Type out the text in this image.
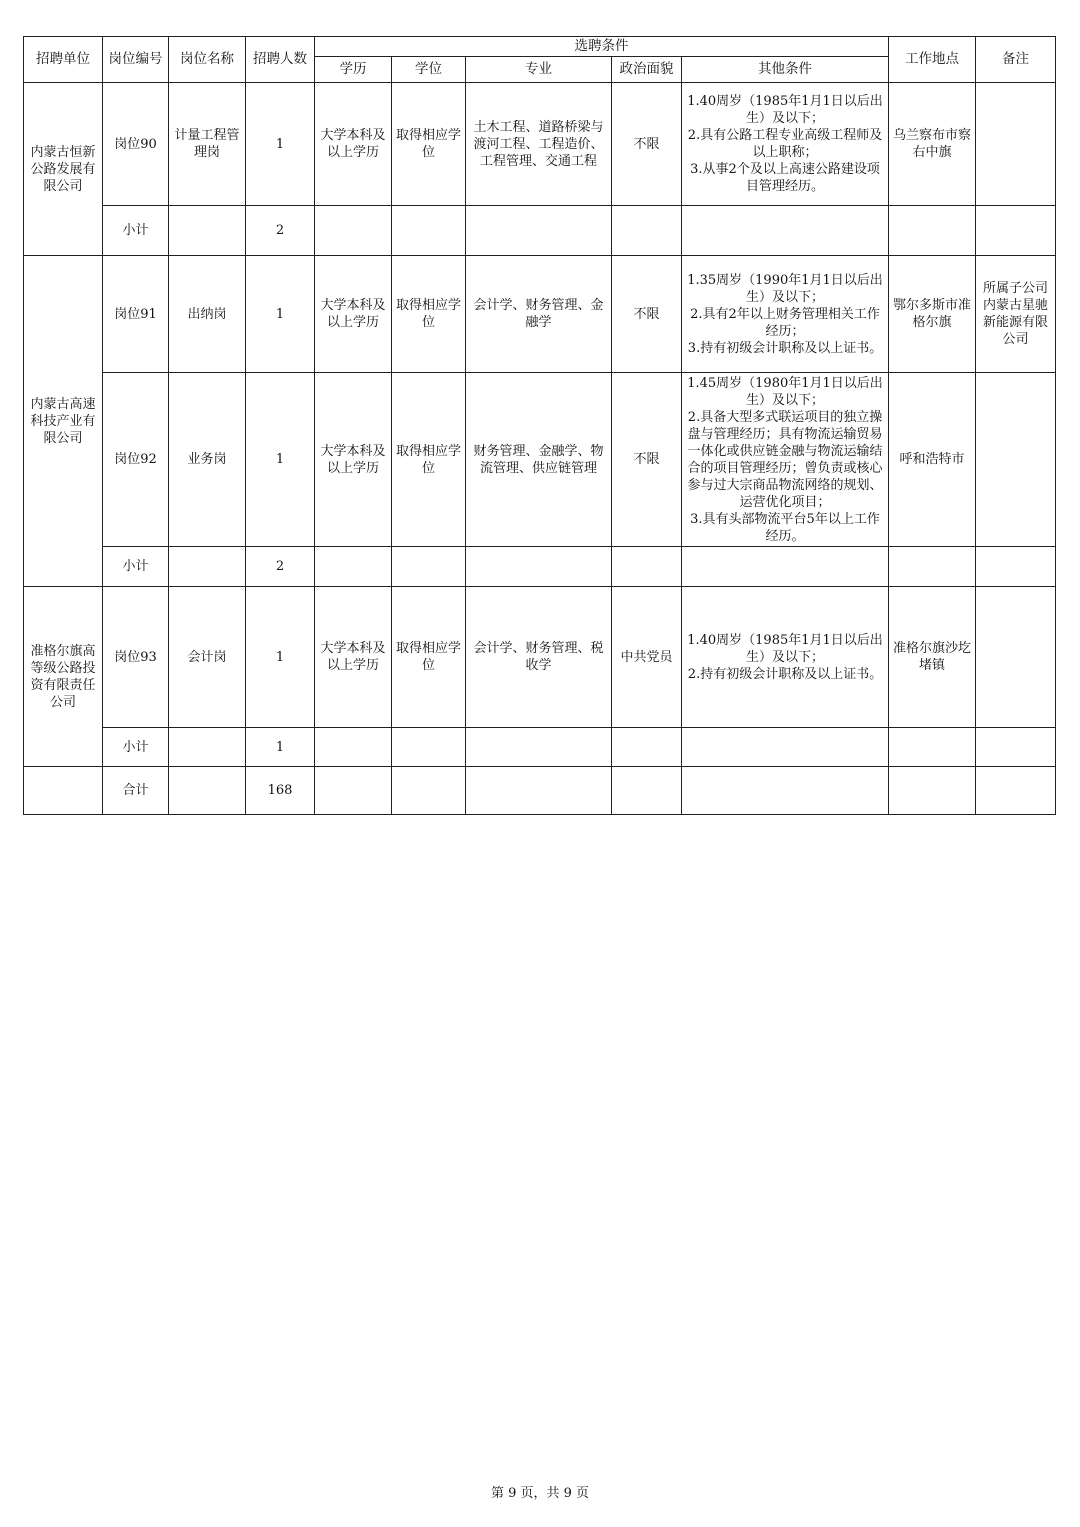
招聘单位	岗位编号	岗位名称	招聘人数	选聘条件					工作地点	备注
				学历	学位	专业	政治面貌	其他条件		
内蒙古恒新公路发展有限公司	岗位90	计量工程管理岗	1	大学本科及以上学历	取得相应学位	土木工程、道路桥梁与渡河工程、工程造价、工程管理、交通工程	不限	1.40周岁（1985年1月1日以后出生）及以下；
2.具有公路工程专业高级工程师及以上职称；
3.从事2个及以上高速公路建设项目管理经历。	乌兰察布市察右中旗	
	小计		2							
内蒙古高速科技产业有限公司	岗位91	出纳岗	1	大学本科及以上学历	取得相应学位	会计学、财务管理、金融学	不限	1.35周岁（1990年1月1日以后出生）及以下；
2.具有2年以上财务管理相关工作经历；
3.持有初级会计职称及以上证书。	鄂尔多斯市准格尔旗	所属子公司内蒙古星驰新能源有限公司
	岗位92	业务岗	1	大学本科及以上学历	取得相应学位	财务管理、金融学、物流管理、供应链管理	不限	1.45周岁（1980年1月1日以后出生）及以下；
2.具备大型多式联运项目的独立操盘与管理经历；具有物流运输贸易一体化或供应链金融与物流运输结合的项目管理经历；曾负责或核心参与过大宗商品物流网络的规划、运营优化项目；
3.具有头部物流平台5年以上工作经历。	呼和浩特市	
	小计		2							
准格尔旗高等级公路投资有限责任公司	岗位93	会计岗	1	大学本科及以上学历	取得相应学位	会计学、财务管理、税收学	中共党员	1.40周岁（1985年1月1日以后出生）及以下；
2.持有初级会计职称及以上证书。	准格尔旗沙圪堵镇	
	小计		1							
	合计		168							
第 9 页，共 9 页
